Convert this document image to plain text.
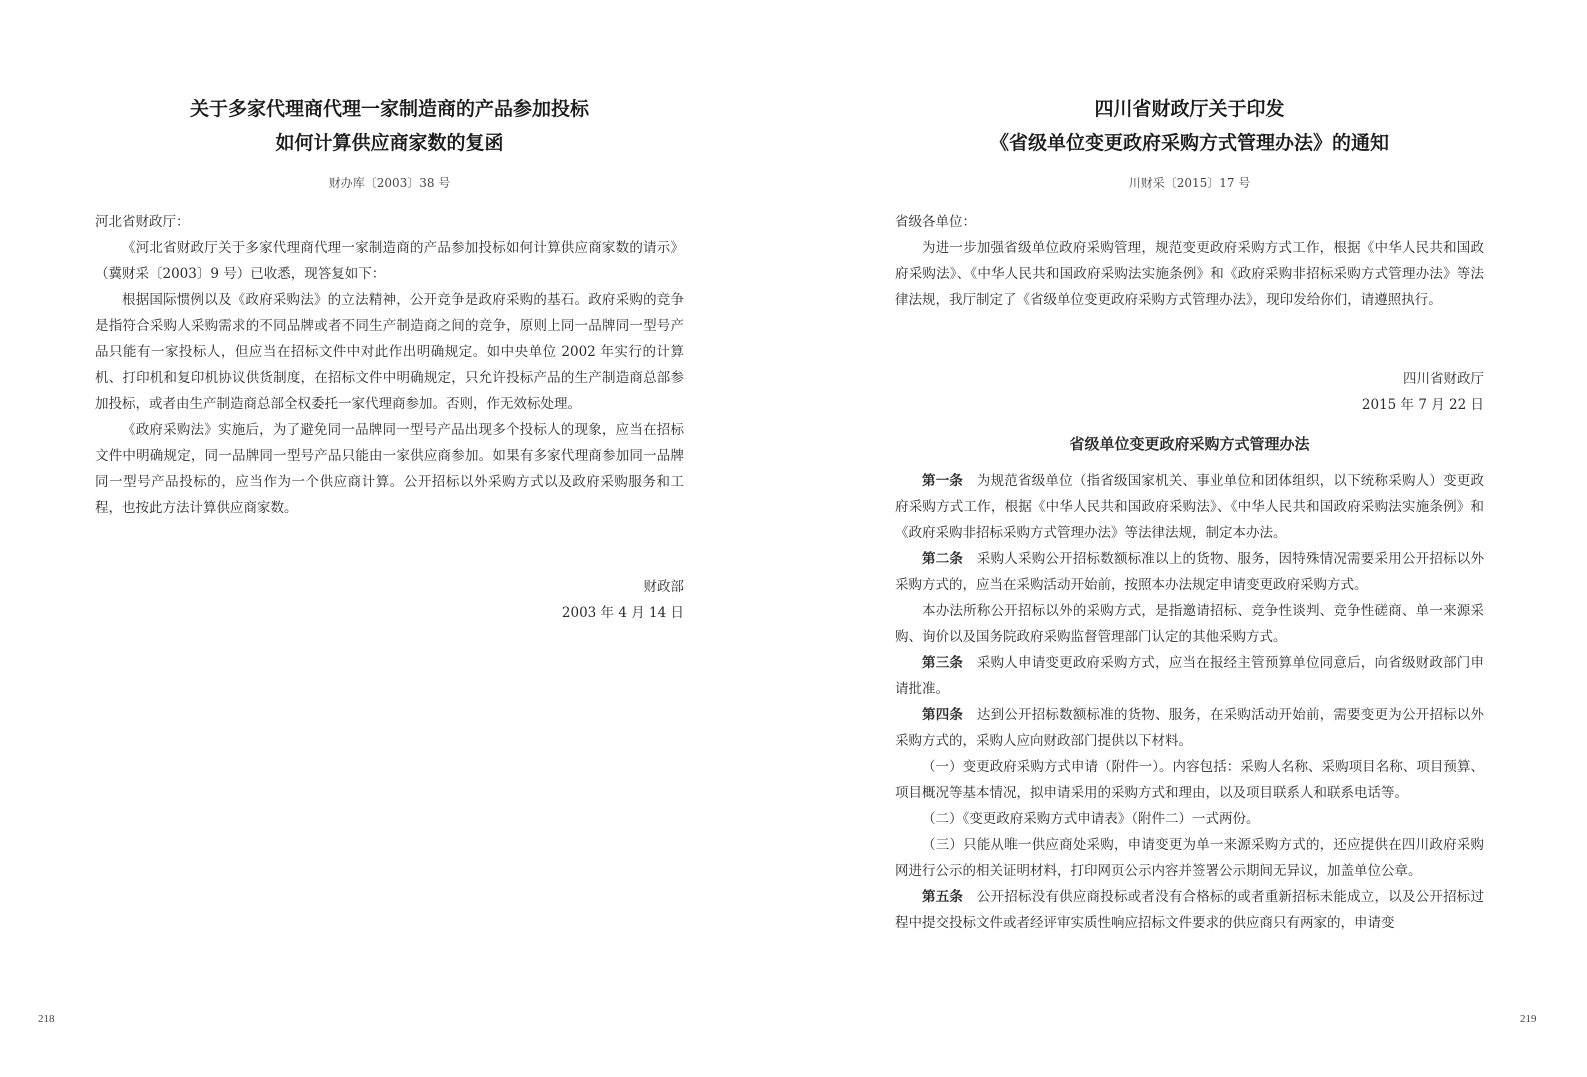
关于多家代理商代理一家制造商的产品参加投标
如何计算供应商家数的复函
财办库〔2003〕38 号

河北省财政厅：

《河北省财政厅关于多家代理商代理一家制造商的产品参加投标如何计算供应商家数的请示》（冀财采〔2003〕9 号）已收悉，现答复如下：

根据国际惯例以及《政府采购法》的立法精神，公开竞争是政府采购的基石。政府采购的竞争是指符合采购人采购需求的不同品牌或者不同生产制造商之间的竞争，原则上同一品牌同一型号产品只能有一家投标人，但应当在招标文件中对此作出明确规定。如中央单位 2002 年实行的计算机、打印机和复印机协议供货制度，在招标文件中明确规定，只允许投标产品的生产制造商总部参加投标，或者由生产制造商总部全权委托一家代理商参加。否则，作无效标处理。

《政府采购法》实施后，为了避免同一品牌同一型号产品出现多个投标人的现象，应当在招标文件中明确规定，同一品牌同一型号产品只能由一家供应商参加。如果有多家代理商参加同一品牌同一型号产品投标的，应当作为一个供应商计算。公开招标以外采购方式以及政府采购服务和工程，也按此方法计算供应商家数。

财政部
2003 年 4 月 14 日
218
四川省财政厅关于印发
《省级单位变更政府采购方式管理办法》的通知
川财采〔2015〕17 号

省级各单位：

为进一步加强省级单位政府采购管理，规范变更政府采购方式工作，根据《中华人民共和国政府采购法》、《中华人民共和国政府采购法实施条例》和《政府采购非招标采购方式管理办法》等法律法规，我厅制定了《省级单位变更政府采购方式管理办法》，现印发给你们，请遵照执行。

四川省财政厅
2015 年 7 月 22 日
省级单位变更政府采购方式管理办法

第一条　 为规范省级单位（指省级国家机关、事业单位和团体组织，以下统称采购人）变更政府采购方式工作，根据《中华人民共和国政府采购法》、《中华人民共和国政府采购法实施条例》和《政府采购非招标采购方式管理办法》等法律法规，制定本办法。

第二条　 采购人采购公开招标数额标准以上的货物、服务，因特殊情况需要采用公开招标以外采购方式的，应当在采购活动开始前，按照本办法规定申请变更政府采购方式。

本办法所称公开招标以外的采购方式，是指邀请招标、竞争性谈判、竞争性磋商、单一来源采购、询价以及国务院政府采购监督管理部门认定的其他采购方式。

第三条　 采购人申请变更政府采购方式，应当在报经主管预算单位同意后，向省级财政部门申请批准。

第四条　 达到公开招标数额标准的货物、服务，在采购活动开始前，需要变更为公开招标以外采购方式的，采购人应向财政部门提供以下材料。

（一）变更政府采购方式申请（附件一）。内容包括：采购人名称、采购项目名称、项目预算、项目概况等基本情况，拟申请采用的采购方式和理由，以及项目联系人和联系电话等。

（二）《变更政府采购方式申请表》（附件二）一式两份。

（三）只能从唯一供应商处采购，申请变更为单一来源采购方式的，还应提供在四川政府采购网进行公示的相关证明材料，打印网页公示内容并签署公示期间无异议，加盖单位公章。

第五条　 公开招标没有供应商投标或者没有合格标的或者重新招标未能成立，以及公开招标过程中提交投标文件或者经评审实质性响应招标文件要求的供应商只有两家的，申请变

219
